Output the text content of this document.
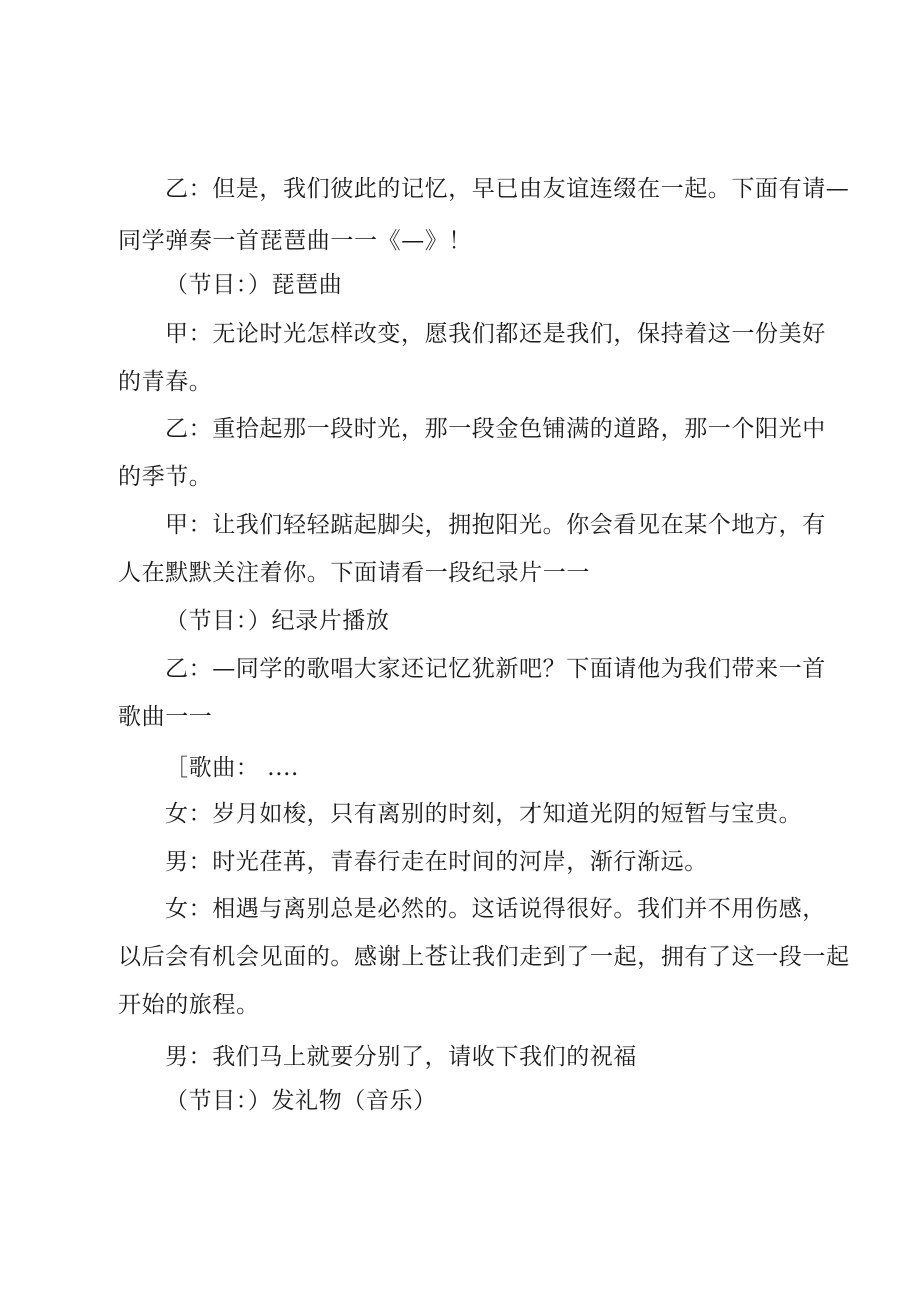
乙：但是，我们彼此的记忆，早已由友谊连缀在一起。下面有请—
同学弹奏一首琵琶曲一一《—》！
（节目：）琵琶曲
甲：无论时光怎样改变，愿我们都还是我们，保持着这一份美好
的青春。
乙：重拾起那一段时光，那一段金色铺满的道路，那一个阳光中
的季节。
甲：让我们轻轻踮起脚尖，拥抱阳光。你会看见在某个地方，有
人在默默关注着你。下面请看一段纪录片一一
（节目：）纪录片播放
乙：—同学的歌唱大家还记忆犹新吧？下面请他为我们带来一首
歌曲一一
［歌曲： ....
女：岁月如梭，只有离别的时刻，才知道光阴的短暂与宝贵。
男：时光荏苒，青春行走在时间的河岸，渐行渐远。
女：相遇与离别总是必然的。这话说得很好。我们并不用伤感，
以后会有机会见面的。感谢上苍让我们走到了一起，拥有了这一段一起
开始的旅程。
男：我们马上就要分别了，请收下我们的祝福
（节目：）发礼物（音乐）
